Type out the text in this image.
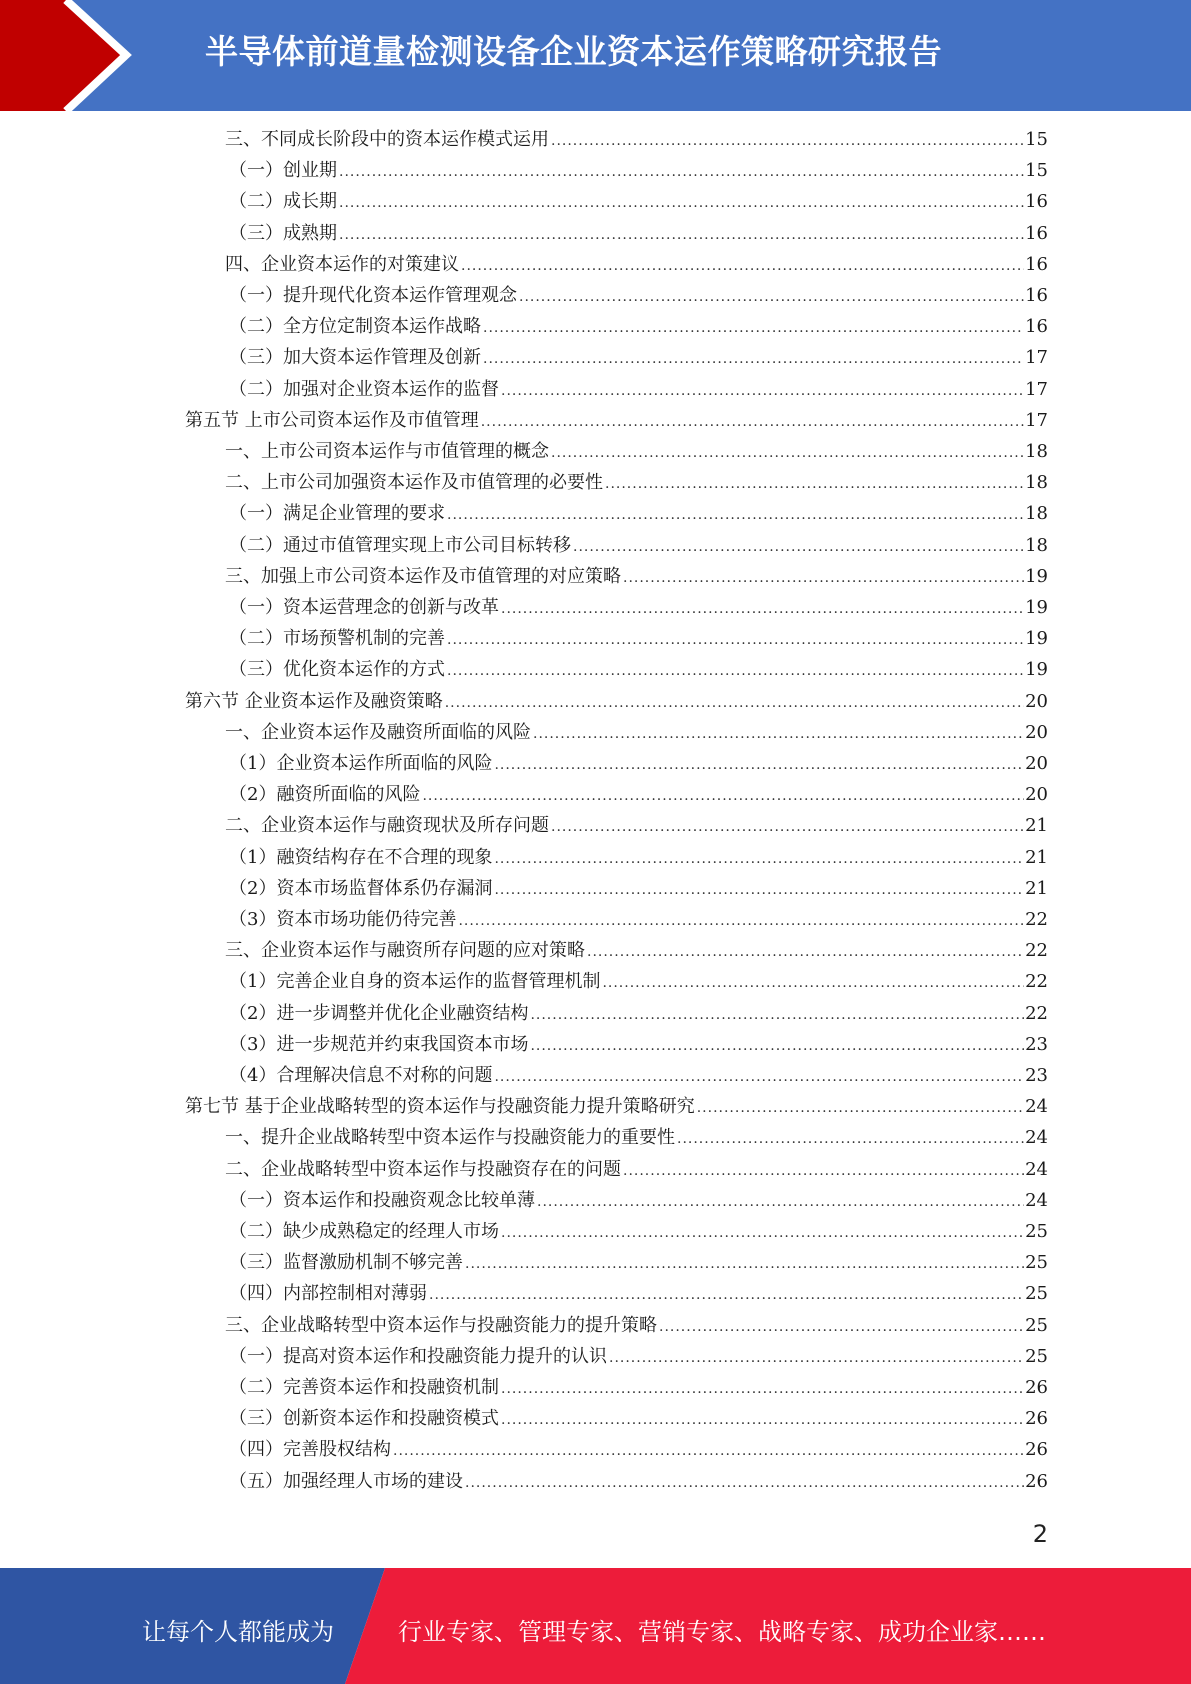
半导体前道量检测设备企业资本运作策略研究报告
三、不同成长阶段中的资本运作模式运用 .....	15
（一）创业期 .....	15
（二）成长期 .....	16
（三）成熟期 .....	16
四、企业资本运作的对策建议 .....	16
（一）提升现代化资本运作管理观念 .....	16
（二）全方位定制资本运作战略 .....	16
（三）加大资本运作管理及创新 .....	17
（二）加强对企业资本运作的监督 .....	17
第五节 上市公司资本运作及市值管理 .....	17
一、上市公司资本运作与市值管理的概念 .....	18
二、上市公司加强资本运作及市值管理的必要性 .....	18
（一）满足企业管理的要求 .....	18
（二）通过市值管理实现上市公司目标转移 .....	18
三、加强上市公司资本运作及市值管理的对应策略 .....	19
（一）资本运营理念的创新与改革 .....	19
（二）市场预警机制的完善 .....	19
（三）优化资本运作的方式 .....	19
第六节 企业资本运作及融资策略 .....	20
一、企业资本运作及融资所面临的风险 .....	20
（1）企业资本运作所面临的风险 .....	20
（2）融资所面临的风险 .....	20
二、企业资本运作与融资现状及所存问题 .....	21
（1）融资结构存在不合理的现象 .....	21
（2）资本市场监督体系仍存漏洞 .....	21
（3）资本市场功能仍待完善 .....	22
三、企业资本运作与融资所存问题的应对策略 .....	22
（1）完善企业自身的资本运作的监督管理机制 .....	22
（2）进一步调整并优化企业融资结构 .....	22
（3）进一步规范并约束我国资本市场 .....	23
（4）合理解决信息不对称的问题 .....	23
第七节 基于企业战略转型的资本运作与投融资能力提升策略研究 .....	24
一、提升企业战略转型中资本运作与投融资能力的重要性 .....	24
二、企业战略转型中资本运作与投融资存在的问题 .....	24
（一）资本运作和投融资观念比较单薄 .....	24
（二）缺少成熟稳定的经理人市场 .....	25
（三）监督激励机制不够完善 .....	25
（四）内部控制相对薄弱 .....	25
三、企业战略转型中资本运作与投融资能力的提升策略 .....	25
（一）提高对资本运作和投融资能力提升的认识 .....	25
（二）完善资本运作和投融资机制 .....	26
（三）创新资本运作和投融资模式 .....	26
（四）完善股权结构 .....	26
（五）加强经理人市场的建设 .....	26
2
让每个人都能成为	行业专家、管理专家、营销专家、战略专家、成功企业家……
